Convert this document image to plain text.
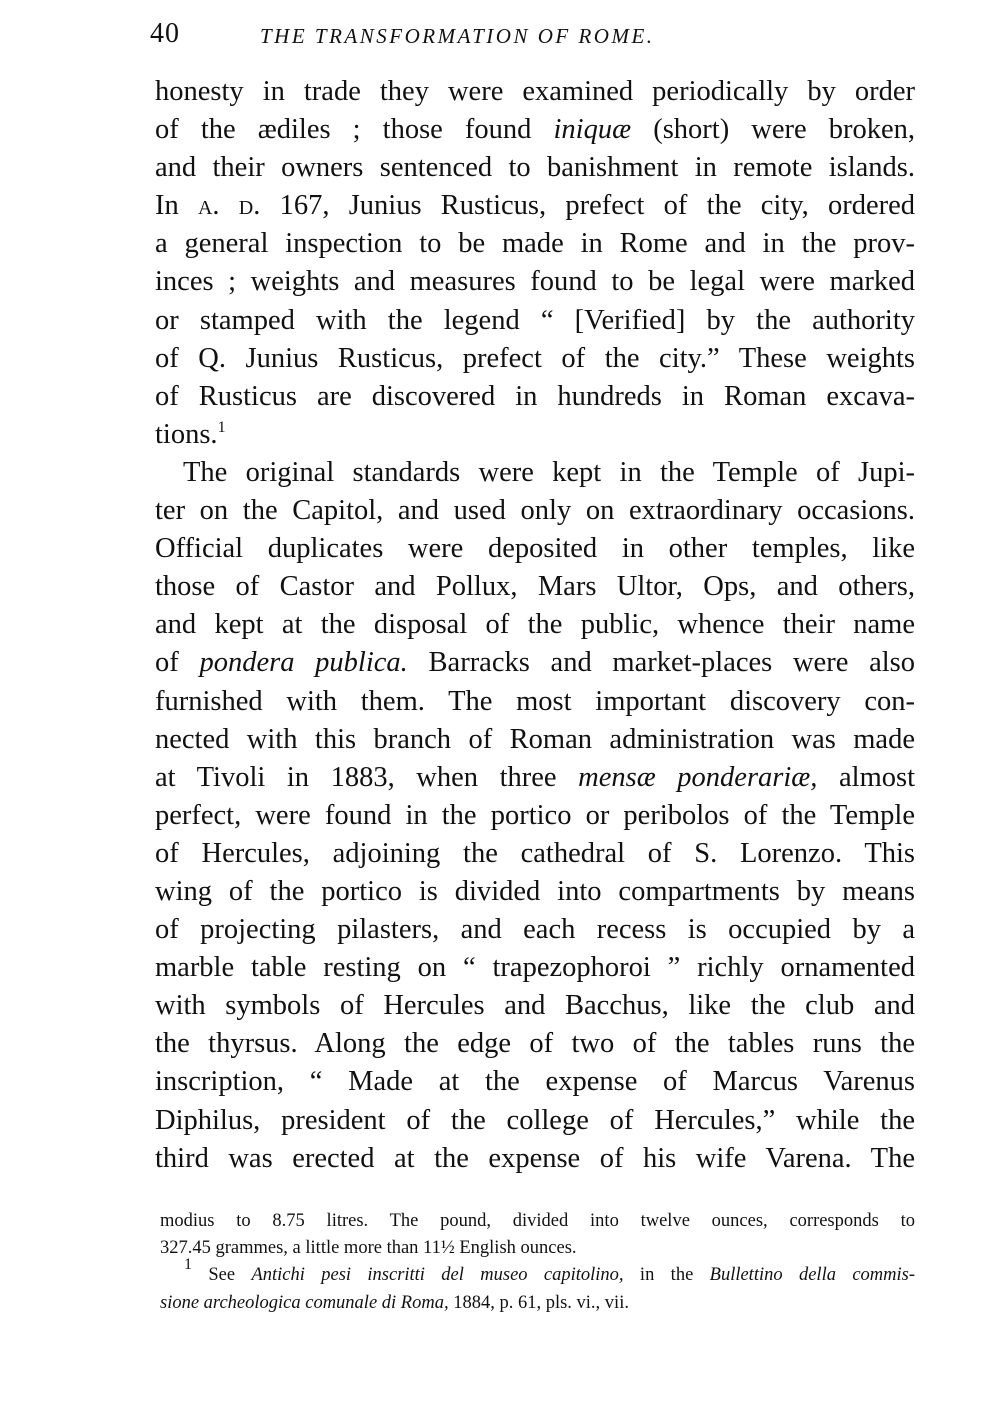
40	THE TRANSFORMATION OF ROME.
honesty in trade they were examined periodically by order
of the ædiles ; those found iniquæ (short) were broken,
and their owners sentenced to banishment in remote islands.
In a. d. 167, Junius Rusticus, prefect of the city, ordered
a general inspection to be made in Rome and in the prov-
inces ; weights and measures found to be legal were marked
or stamped with the legend “ [Verified] by the authority
of Q. Junius Rusticus, prefect of the city.” These weights
of Rusticus are discovered in hundreds in Roman excava-
tions.$^1$
The original standards were kept in the Temple of Jupi-
ter on the Capitol, and used only on extraordinary occasions.
Official duplicates were deposited in other temples, like
those of Castor and Pollux, Mars Ultor, Ops, and others,
and kept at the disposal of the public, whence their name
of pondera publica. Barracks and market-places were also
furnished with them. The most important discovery con-
nected with this branch of Roman administration was made
at Tivoli in 1883, when three mensæ ponderariæ, almost
perfect, were found in the portico or peribolos of the Temple
of Hercules, adjoining the cathedral of S. Lorenzo. This
wing of the portico is divided into compartments by means
of projecting pilasters, and each recess is occupied by a
marble table resting on “ trapezophoroi ” richly ornamented
with symbols of Hercules and Bacchus, like the club and
the thyrsus. Along the edge of two of the tables runs the
inscription, “ Made at the expense of Marcus Varenus
Diphilus, president of the college of Hercules,” while the
third was erected at the expense of his wife Varena. The
modius to 8.75 litres. The pound, divided into twelve ounces, corresponds to
327.45 grammes, a little more than 11½ English ounces.
$^1$ See Antichi pesi inscritti del museo capitolino, in the Bullettino della commis-
sione archeologica comunale di Roma, 1884, p. 61, pls. vi., vii.
